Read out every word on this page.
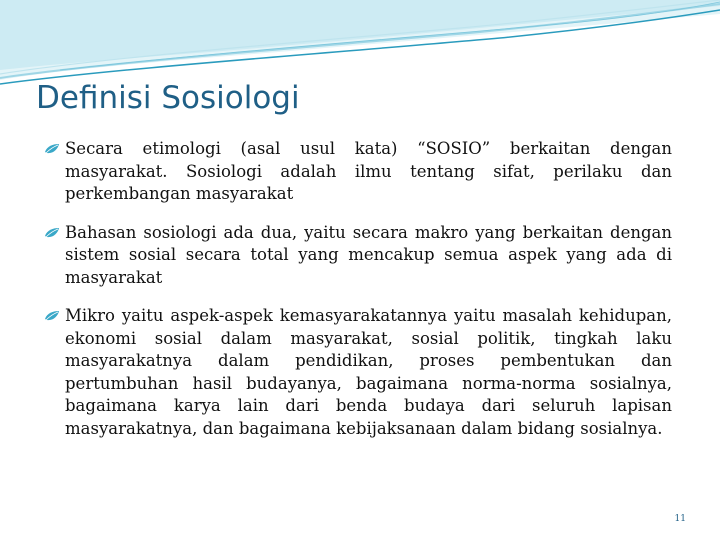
Definisi Sosiologi

Secara etimologi (asal usul kata) “SOSIO” berkaitan dengan masyarakat. Sosiologi adalah ilmu tentang sifat, perilaku dan perkembangan masyarakat

Bahasan sosiologi ada dua, yaitu secara makro yang berkaitan dengan sistem sosial secara total yang mencakup semua aspek yang ada di masyarakat

Mikro yaitu aspek-aspek kemasyarakatannya yaitu masalah kehidupan, ekonomi sosial dalam masyarakat, sosial politik, tingkah laku masyarakatnya dalam pendidikan, proses pembentukan dan pertumbuhan hasil budayanya, bagaimana norma-norma sosialnya, bagaimana karya lain dari benda budaya dari seluruh lapisan masyarakatnya, dan bagaimana kebijaksanaan dalam bidang sosialnya.

11
